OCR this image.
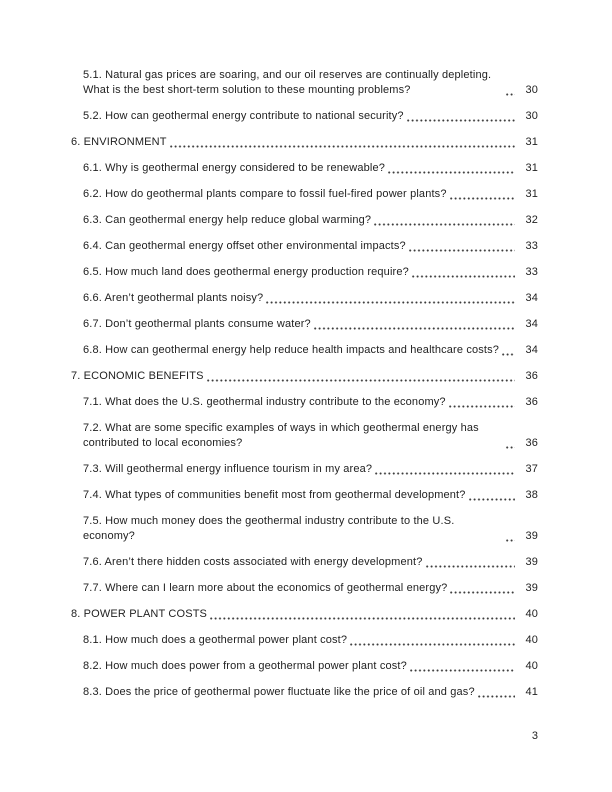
5.1. Natural gas prices are soaring, and our oil reserves are continually depleting. What is the best short-term solution to these mounting problems?	30
5.2. How can geothermal energy contribute to national security?	30
6. ENVIRONMENT	31
6.1. Why is geothermal energy considered to be renewable?	31
6.2. How do geothermal plants compare to fossil fuel-fired power plants?	31
6.3. Can geothermal energy help reduce global warming?	32
6.4. Can geothermal energy offset other environmental impacts?	33
6.5. How much land does geothermal energy production require?	33
6.6. Aren’t geothermal plants noisy?	34
6.7. Don’t geothermal plants consume water?	34
6.8. How can geothermal energy help reduce health impacts and healthcare costs?	34
7. ECONOMIC BENEFITS	36
7.1. What does the U.S. geothermal industry contribute to the economy?	36
7.2. What are some specific examples of ways in which geothermal energy has contributed to local economies?	36
7.3. Will geothermal energy influence tourism in my area?	37
7.4. What types of communities benefit most from geothermal development?	38
7.5. How much money does the geothermal industry contribute to the U.S. economy?	39
7.6. Aren’t there hidden costs associated with energy development?	39
7.7. Where can I learn more about the economics of geothermal energy?	39
8. POWER PLANT COSTS	40
8.1. How much does a geothermal power plant cost?	40
8.2. How much does power from a geothermal power plant cost?	40
8.3. Does the price of geothermal power fluctuate like the price of oil and gas?	41
3
